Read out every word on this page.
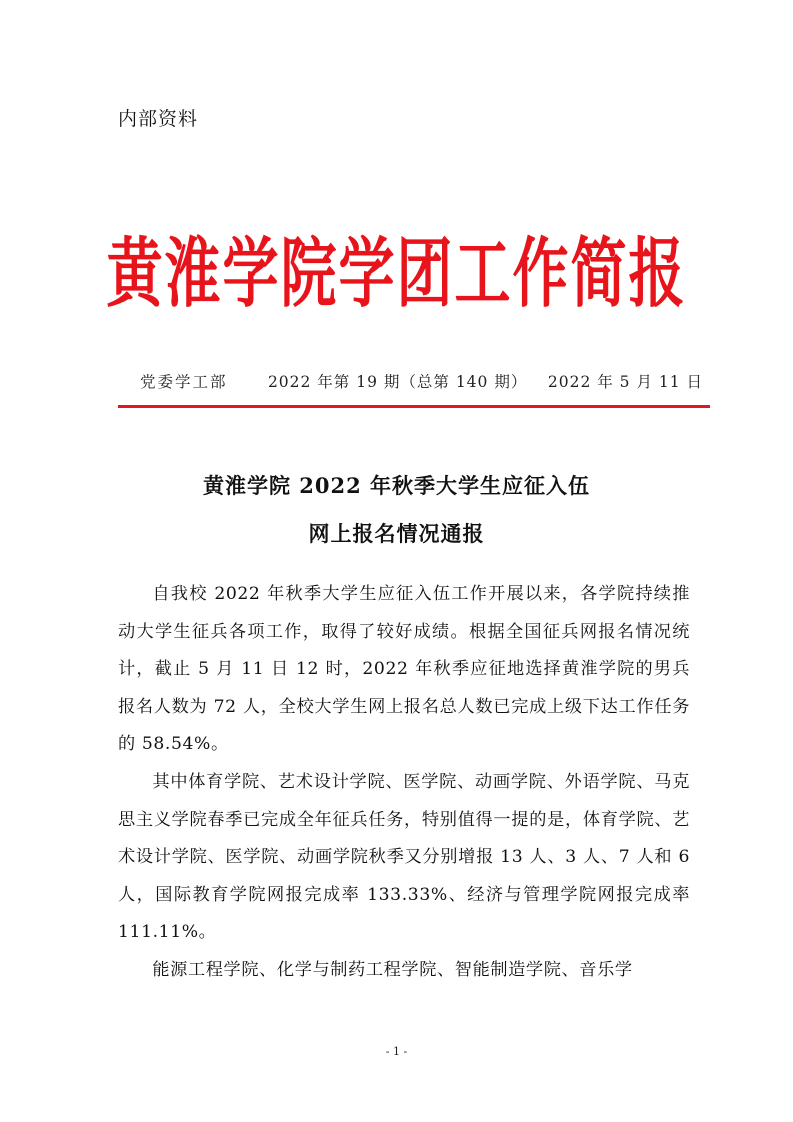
内部资料
黄淮学院学团工作简报
党委学工部	2022 年第 19 期（总第 140 期） 2022 年 5 月 11 日
黄淮学院 2022 年秋季大学生应征入伍
网上报名情况通报

自我校 2022 年秋季大学生应征入伍工作开展以来，各学院持续推动大学生征兵各项工作，取得了较好成绩。根据全国征兵网报名情况统计，截止 5 月 11 日 12 时，2022 年秋季应征地选择黄淮学院的男兵报名人数为 72 人，全校大学生网上报名总人数已完成上级下达工作任务的 58.54%。

其中体育学院、艺术设计学院、医学院、动画学院、外语学院、马克思主义学院春季已完成全年征兵任务，特别值得一提的是，体育学院、艺术设计学院、医学院、动画学院秋季又分别增报 13 人、3 人、7 人和 6 人，国际教育学院网报完成率 133.33%、经济与管理学院网报完成率 111.11%。

能源工程学院、化学与制药工程学院、智能制造学院、音乐学

- 1 -
